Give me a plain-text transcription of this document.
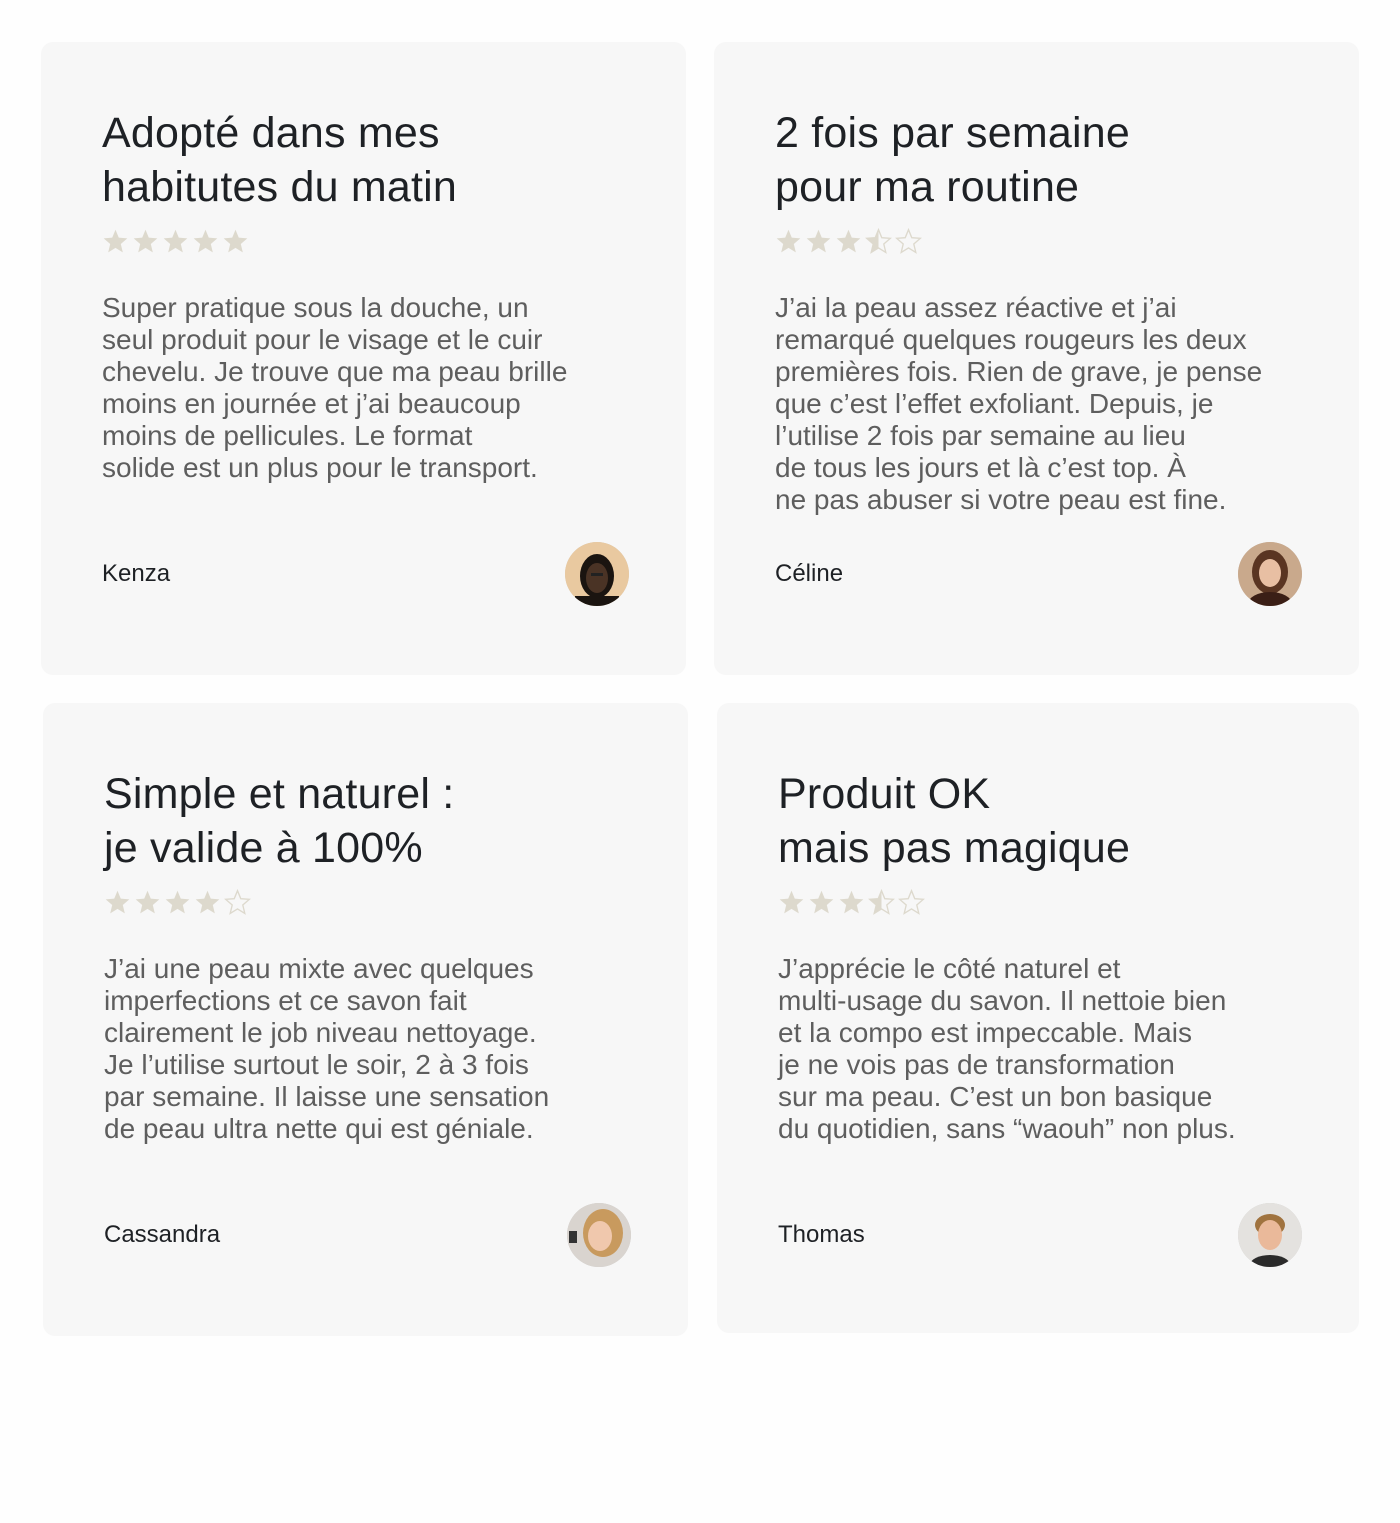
Adopté dans mes
habitutes du matin

Super pratique sous la douche, un
seul produit pour le visage et le cuir
chevelu. Je trouve que ma peau brille
moins en journée et j’ai beaucoup
moins de pellicules. Le format
solide est un plus pour le transport.

Kenza
2 fois par semaine
pour ma routine

J’ai la peau assez réactive et j’ai
remarqué quelques rougeurs les deux
premières fois. Rien de grave, je pense
que c’est l’effet exfoliant. Depuis, je
l’utilise 2 fois par semaine au lieu
de tous les jours et là c’est top. À
ne pas abuser si votre peau est fine.

Céline
Simple et naturel :
je valide à 100%

J’ai une peau mixte avec quelques
imperfections et ce savon fait
clairement le job niveau nettoyage.
Je l’utilise surtout le soir, 2 à 3 fois
par semaine. Il laisse une sensation
de peau ultra nette qui est géniale.

Cassandra
Produit OK
mais pas magique

J’apprécie le côté naturel et
multi-usage du savon. Il nettoie bien
et la compo est impeccable. Mais
je ne vois pas de transformation
sur ma peau. C’est un bon basique
du quotidien, sans “waouh” non plus.

Thomas
